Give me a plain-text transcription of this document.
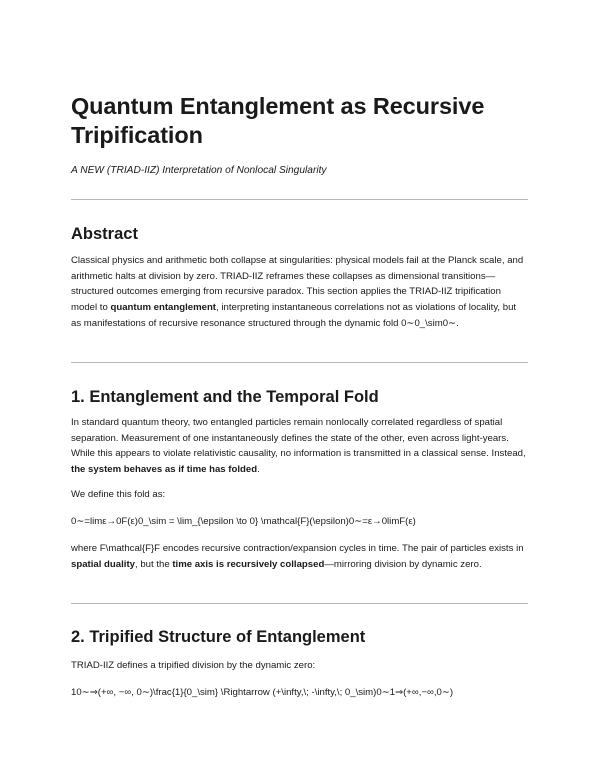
Quantum Entanglement as Recursive Tripification

A NEW (TRIAD-IIZ) Interpretation of Nonlocal Singularity

Abstract

Classical physics and arithmetic both collapse at singularities: physical models fail at the Planck scale, and arithmetic halts at division by zero. TRIAD-IIZ reframes these collapses as dimensional transitions—structured outcomes emerging from recursive paradox. This section applies the TRIAD-IIZ tripification model to quantum entanglement, interpreting instantaneous correlations not as violations of locality, but as manifestations of recursive resonance structured through the dynamic fold 0∼0_\sim0∼.

1. Entanglement and the Temporal Fold

In standard quantum theory, two entangled particles remain nonlocally correlated regardless of spatial separation. Measurement of one instantaneously defines the state of the other, even across light-years. While this appears to violate relativistic causality, no information is transmitted in a classical sense. Instead, the system behaves as if time has folded.

We define this fold as:

0∼=limε→0F(ε)0_\sim = \lim_{\epsilon \to 0} \mathcal{F}(\epsilon)0∼=ε→0limF(ε)

where F\mathcal{F}F encodes recursive contraction/expansion cycles in time. The pair of particles exists in spatial duality, but the time axis is recursively collapsed—mirroring division by dynamic zero.

2. Tripified Structure of Entanglement

TRIAD-IIZ defines a tripified division by the dynamic zero:

10∼⇒(+∞, −∞, 0∼)\frac{1}{0_\sim} \Rightarrow (+\infty,\; -\infty,\; 0_\sim)0∼1⇒(+∞,−∞,0∼)
